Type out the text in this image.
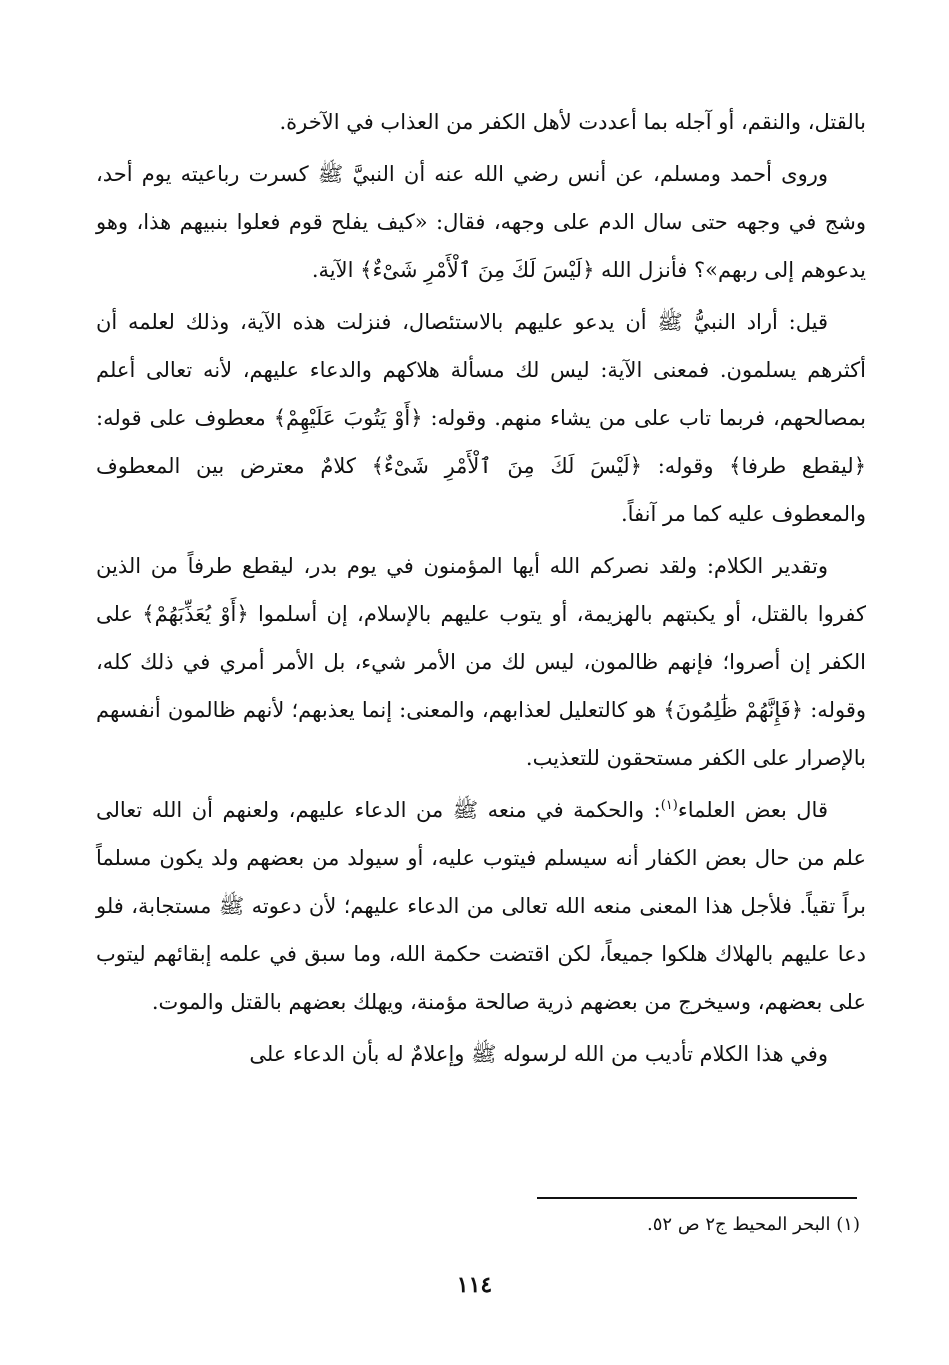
بالقتل، والنقم، أو آجله بما أعددت لأهل الكفر من العذاب في الآخرة.

وروى أحمد ومسلم، عن أنس رضي الله عنه أن النبيَّ ﷺ كسرت رباعيته يوم أحد، وشج في وجهه حتى سال الدم على وجهه، فقال: «كيف يفلح قوم فعلوا بنبيهم هذا، وهو يدعوهم إلى ربهم»؟ فأنزل الله ﴿لَيْسَ لَكَ مِنَ ٱلْأَمْرِ شَىْءٌ﴾ الآية.

قيل: أراد النبيُّ ﷺ أن يدعو عليهم بالاستئصال، فنزلت هذه الآية، وذلك لعلمه أن أكثرهم يسلمون. فمعنى الآية: ليس لك مسألة هلاكهم والدعاء عليهم، لأنه تعالى أعلم بمصالحهم، فربما تاب على من يشاء منهم. وقوله: ﴿أَوْ يَتُوبَ عَلَيْهِمْ﴾ معطوف على قوله: ﴿ليقطع طرفا﴾ وقوله: ﴿لَيْسَ لَكَ مِنَ ٱلْأَمْرِ شَىْءٌ﴾ كلامٌ معترض بين المعطوف والمعطوف عليه كما مر آنفاً.

وتقدير الكلام: ولقد نصركم الله أيها المؤمنون في يوم بدر، ليقطع طرفاً من الذين كفروا بالقتل، أو يكبتهم بالهزيمة، أو يتوب عليهم بالإسلام، إن أسلموا ﴿أَوْ يُعَذِّبَهُمْ﴾ على الكفر إن أصروا؛ فإنهم ظالمون، ليس لك من الأمر شيء، بل الأمر أمري في ذلك كله، وقوله: ﴿فَإِنَّهُمْ ظَٰلِمُونَ﴾ هو كالتعليل لعذابهم، والمعنى: إنما يعذبهم؛ لأنهم ظالمون أنفسهم بالإصرار على الكفر مستحقون للتعذيب.

قال بعض العلماء$^{(١)}$: والحكمة في منعه ﷺ من الدعاء عليهم، ولعنهم أن الله تعالى علم من حال بعض الكفار أنه سيسلم فيتوب عليه، أو سيولد من بعضهم ولد يكون مسلماً براً تقياً. فلأجل هذا المعنى منعه الله تعالى من الدعاء عليهم؛ لأن دعوته ﷺ مستجابة، فلو دعا عليهم بالهلاك هلكوا جميعاً، لكن اقتضت حكمة الله، وما سبق في علمه إبقائهم ليتوب على بعضهم، وسيخرج من بعضهم ذرية صالحة مؤمنة، ويهلك بعضهم بالقتل والموت.

وفي هذا الكلام تأديب من الله لرسوله ﷺ وإعلامٌ له بأن الدعاء على

(١) البحر المحيط ج٢ ص ٥٢.
١١٤
